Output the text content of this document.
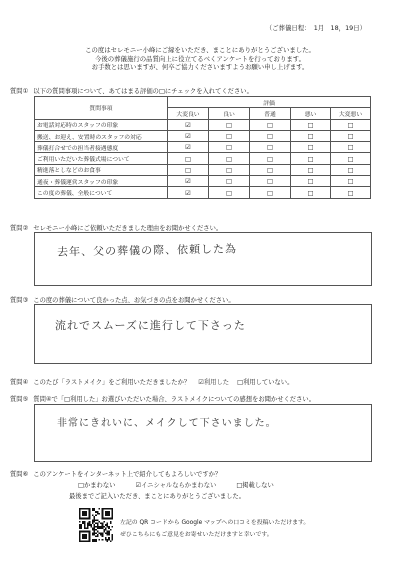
（ご葬儀日程：　1月　18，19日）
この度はセレモニー小峰にご縁をいただき、まことにありがとうございました。
今後の葬儀施行の品質向上に役立てるべくアンケートを行っております。
お手数とは思いますが、何卒ご協力くださいますようお願い申し上げます。
質問① 以下の質問事項について、あてはまる評価の□にチェックを入れてください。
質問事項	評価				
	大変良い	良い	普通	悪い	大変悪い
お電話対応時のスタッフの印象	☑	□	□	□	□
搬送、お迎え、安置時のスタッフの対応	☑	□	□	□	□
葬儀打合せでの担当者接遇態度	☑	□	□	□	□
ご利用いただいた葬儀式場について	□	□	□	□	□
精進落としなどのお食事	□	□	□	□	□
通夜・葬儀運営スタッフの印象	☑	□	□	□	□
この度の葬儀、全般について	☑	□	□	□	□
質問② セレモニー小峰にご依頼いただきました理由をお聞かせください。
去年、父の葬儀の際、依頼した為
質問③ この度の葬儀について良かった点、お気づきの点をお聞かせください。
流れでスムーズに進行して下さった
質問④ このたび「ラストメイク」をご利用いただきましたか？ ☑利用した □利用していない。
質問⑤ 質問④で「□利用した」お選びいただいた場合、ラストメイクについての感想をお聞かせください。
非常にきれいに、メイクして下さいました。
質問⑥ このアンケートをインターネット上で紹介してもよろしいですか？
□かまわない	☑イニシャルならかまわない	□掲載しない
最後までご記入いただき、まことにありがとうございました。
左記の QR コードから Google マップへの口コミを投稿いただけます。
ぜひこちらにもご意見をお寄せいただけますと幸いです。
